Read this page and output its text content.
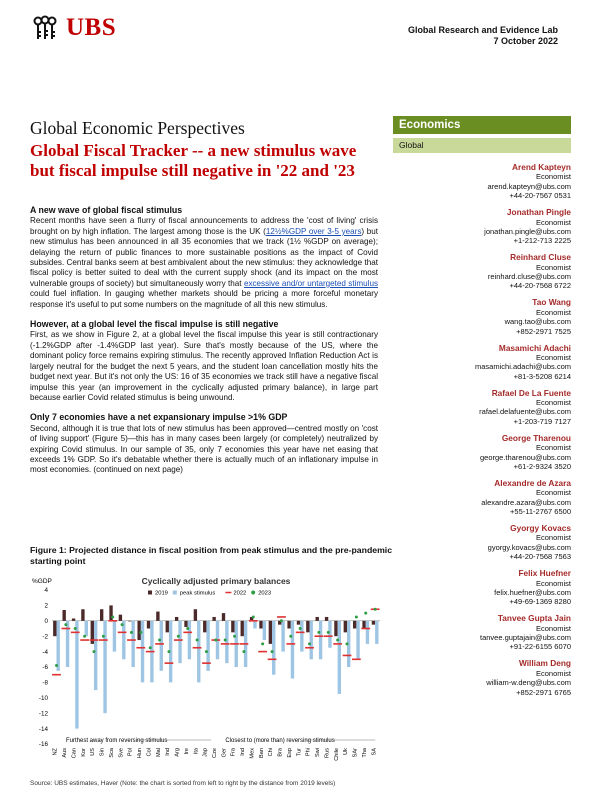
UBS	Global Research and Evidence Lab
7 October 2022
Global Economic Perspectives
Global Fiscal Tracker -- a new stimulus wave but fiscal impulse still negative in '22 and '23
Economics
Global
Arend Kapteyn
Economist
arend.kapteyn@ubs.com
+44-20-7567 0531
Jonathan Pingle
Economist
jonathan.pingle@ubs.com
+1-212-713 2225
Reinhard Cluse
Economist
reinhard.cluse@ubs.com
+44-20-7568 6722
Tao Wang
Economist
wang.tao@ubs.com
+852-2971 7525
Masamichi Adachi
Economist
masamichi.adachi@ubs.com
+81-3-5208 6214
Rafael De La Fuente
Economist
rafael.delafuente@ubs.com
+1-203-719 7127
George Tharenou
Economist
george.tharenou@ubs.com
+61-2-9324 3520
Alexandre de Azara
Economist
alexandre.azara@ubs.com
+55-11-2767 6500
Gyorgy Kovacs
Economist
gyorgy.kovacs@ubs.com
+44-20-7568 7563
Felix Huefner
Economist
felix.huefner@ubs.com
+49-69-1369 8280
Tanvee Gupta Jain
Economist
tanvee.guptajain@ubs.com
+91-22-6155 6070
William Deng
Economist
william-w.deng@ubs.com
+852-2971 6765
A new wave of global fiscal stimulus

Recent months have seen a flurry of fiscal announcements to address the 'cost of living' crisis brought on by high inflation. The largest among those is the UK (12½%GDP over 3-5 years) but new stimulus has been announced in all 35 economies that we track (1½ %GDP on average); delaying the return of public finances to more sustainable positions as the impact of Covid subsides. Central banks seem at best ambivalent about the new stimulus: they acknowledge that fiscal policy is better suited to deal with the current supply shock (and its impact on the most vulnerable groups of society) but simultaneously worry that excessive and/or untargeted stimulus could fuel inflation. In gauging whether markets should be pricing a more forceful monetary response it's useful to put some numbers on the magnitude of all this new stimulus.

However, at a global level the fiscal impulse is still negative

First, as we show in Figure 2, at a global level the fiscal impulse this year is still contractionary (-1.2%GDP after -1.4%GDP last year). Sure that's mostly because of the US, where the dominant policy force remains expiring stimulus. The recently approved Inflation Reduction Act is largely neutral for the budget the next 5 years, and the student loan cancellation mostly hits the budget next year. But it's not only the US: 16 of 35 economies we track still have a negative fiscal impulse this year (an improvement in the cyclically adjusted primary balance), in large part because earlier Covid related stimulus is being unwound.

Only 7 economies have a net expansionary impulse >1% GDP

Second, although it is true that lots of new stimulus has been approved—centred mostly on 'cost of living support' (Figure 5)—this has in many cases been largely (or completely) neutralized by expiring Covid stimulus. In our sample of 35, only 7 economies this year have net easing that exceeds 1% GDP. So it's debatable whether there is actually much of an inflationary impulse in most economies. (continued on next page)

Figure 1: Projected distance in fiscal position from peak stimulus and the pre-pandemic starting point
%GDP	Cyclically adjusted primary balances
4
2
0
-2
-4
-6
-8
-10
-12
-14
-16
2019 peak stimulus	2022 2023
NZ Aus Can Kor US Sin Sca Sve Pol Hun Col Mal Ind Arg Ire Ita Jap Cze Ger Fra Ind Mex Ban Chi Bra Esp Tur Phi Swi Rus Chile Uk SAr Tha SA
Furthest away from reversing stimulus	Closest to (more than) reversing stimulus
Source: UBS estimates, Haver (Note: the chart is sorted from left to right by the distance from 2019 levels)
